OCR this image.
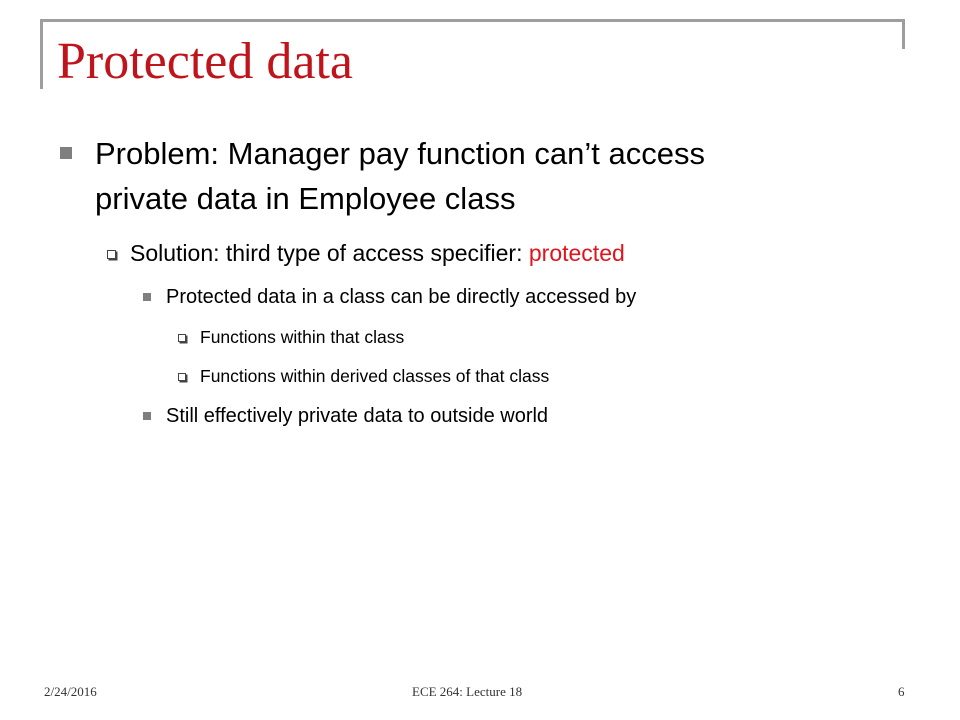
Protected data
Problem: Manager pay function can’t access
private data in Employee class
Solution: third type of access specifier: protected
Protected data in a class can be directly accessed by
Functions within that class
Functions within derived classes of that class
Still effectively private data to outside world
2/24/2016	ECE 264: Lecture 18	6
